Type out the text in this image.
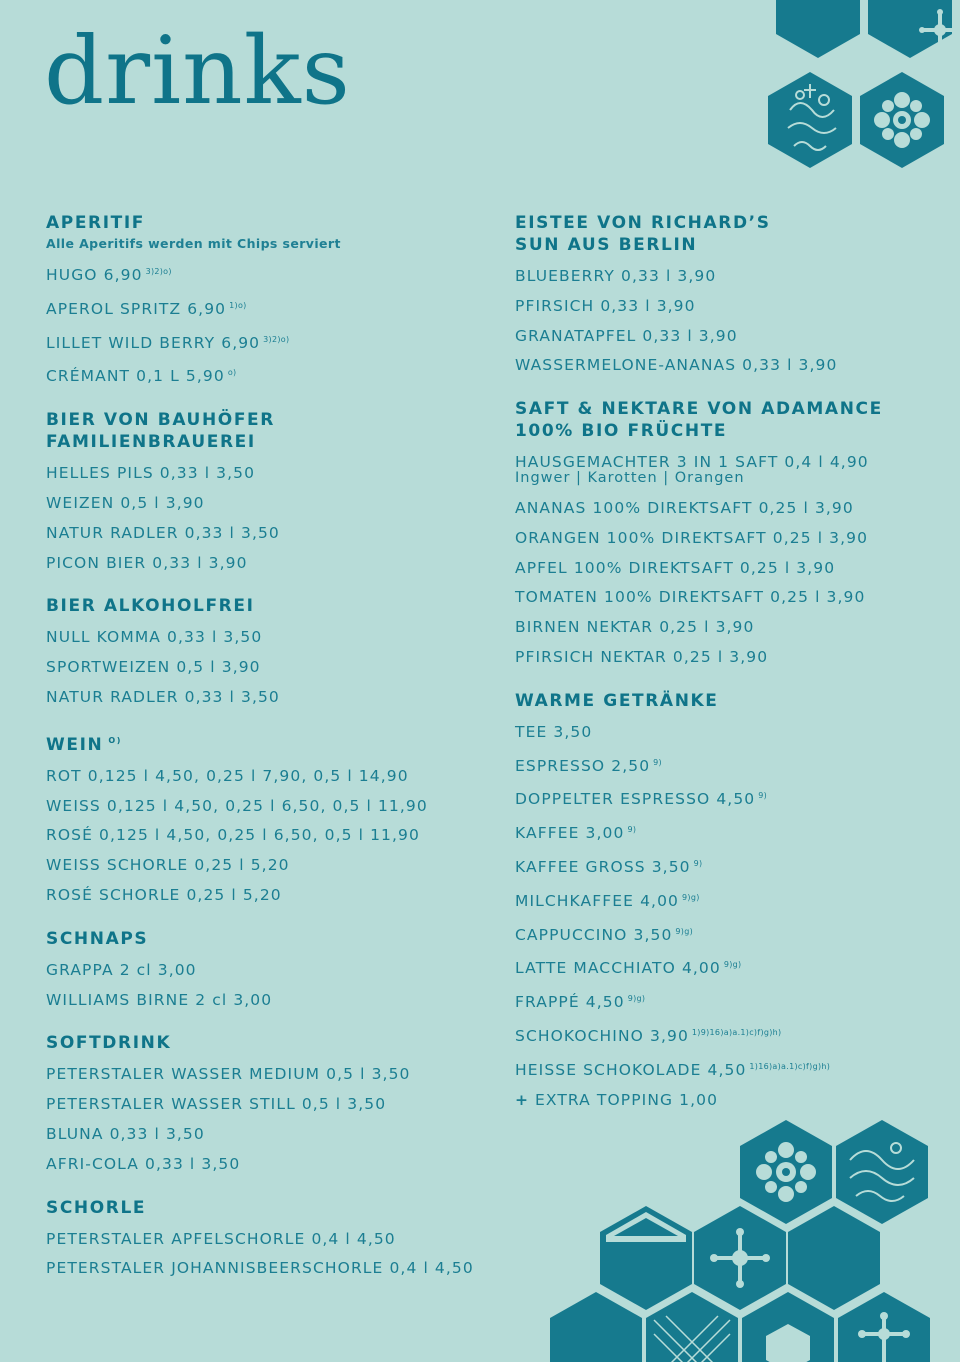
drinks
APERITIF
Alle Aperitifs werden mit Chips serviert
HUGO 6,90 $^{3)2)o)}$
APEROL SPRITZ 6,90 $^{1)o)}$
LILLET WILD BERRY 6,90 $^{3)2)o)}$
CRÉMANT 0,1 L 5,90 $^{o)}$
BIER VON BAUHÖFER
FAMILIENBRAUEREI
HELLES PILS 0,33 l 3,50
WEIZEN 0,5 l 3,90
NATUR RADLER 0,33 l 3,50
PICON BIER 0,33 l 3,90
BIER ALKOHOLFREI
NULL KOMMA 0,33 l 3,50
SPORTWEIZEN 0,5 l 3,90
NATUR RADLER 0,33 l 3,50
WEIN $^{O)}$
ROT 0,125 l 4,50, 0,25 l 7,90, 0,5 l 14,90
WEISS 0,125 l 4,50, 0,25 l 6,50, 0,5 l 11,90
ROSÉ 0,125 l 4,50, 0,25 l 6,50, 0,5 l 11,90
WEISS SCHORLE 0,25 l 5,20
ROSÉ SCHORLE 0,25 l 5,20
SCHNAPS
GRAPPA 2 cl 3,00
WILLIAMS BIRNE 2 cl 3,00
SOFTDRINK
PETERSTALER WASSER MEDIUM 0,5 l 3,50
PETERSTALER WASSER STILL 0,5 l 3,50
BLUNA 0,33 l 3,50
AFRI-COLA 0,33 l 3,50
SCHORLE
PETERSTALER APFELSCHORLE 0,4 l 4,50
PETERSTALER JOHANNISBEERSCHORLE 0,4 l 4,50
EISTEE VON RICHARD’S
SUN AUS BERLIN
BLUEBERRY 0,33 l 3,90
PFIRSICH 0,33 l 3,90
GRANATAPFEL 0,33 l 3,90
WASSERMELONE-ANANAS 0,33 l 3,90
SAFT & NEKTARE VON ADAMANCE
100% BIO FRÜCHTE
HAUSGEMACHTER 3 IN 1 SAFT 0,4 l 4,90
Ingwer | Karotten | Orangen
ANANAS 100% DIREKTSAFT 0,25 l 3,90
ORANGEN 100% DIREKTSAFT 0,25 l 3,90
APFEL 100% DIREKTSAFT 0,25 l 3,90
TOMATEN 100% DIREKTSAFT 0,25 l 3,90
BIRNEN NEKTAR 0,25 l 3,90
PFIRSICH NEKTAR 0,25 l 3,90
WARME GETRÄNKE
TEE 3,50
ESPRESSO 2,50 $^{9)}$
DOPPELTER ESPRESSO 4,50 $^{9)}$
KAFFEE 3,00 $^{9)}$
KAFFEE GROSS 3,50 $^{9)}$
MILCHKAFFEE 4,00 $^{9)g)}$
CAPPUCCINO 3,50 $^{9)g)}$
LATTE MACCHIATO 4,00 $^{9)g)}$
FRAPPÉ 4,50 $^{9)g)}$
SCHOKOCHINO 3,90 $^{1)9)16)a)a.1)c)f)g)h)}$
HEISSE SCHOKOLADE 4,50 $^{1)16)a)a.1)c)f)g)h)}$
+ EXTRA TOPPING 1,00
